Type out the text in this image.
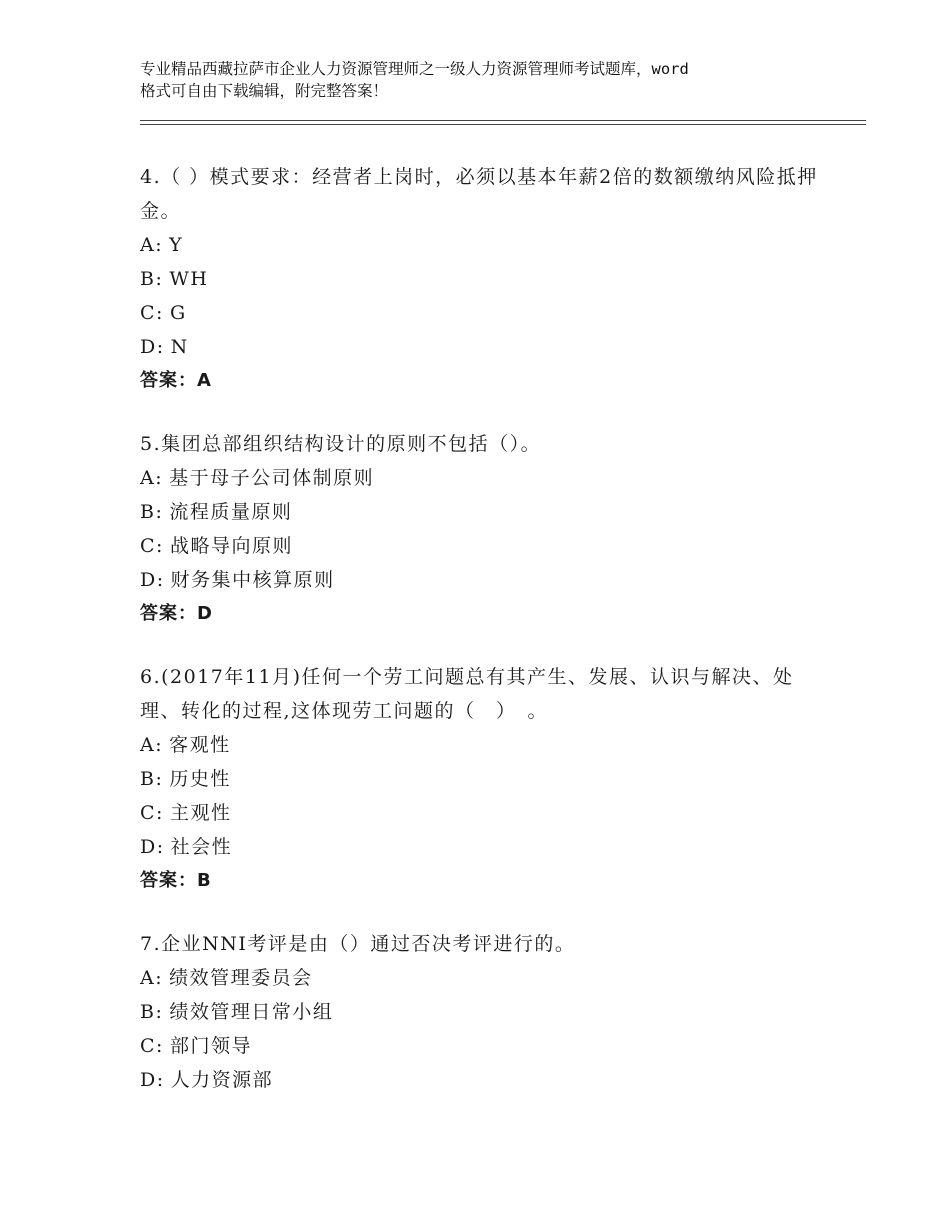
专业精品西藏拉萨市企业人力资源管理师之一级人力资源管理师考试题库，word
格式可自由下载编辑，附完整答案！
4.（ ）模式要求：经营者上岗时，必须以基本年薪2倍的数额缴纳风险抵押金。
A: Y
B: WH
C: G
D: N
答案：A
5.集团总部组织结构设计的原则不包括（）。
A: 基于母子公司体制原则
B: 流程质量原则
C: 战略导向原则
D: 财务集中核算原则
答案：D
6.(2017年11月)任何一个劳工问题总有其产生、发展、认识与解决、处理、转化的过程,这体现劳工问题的（　）　。
A: 客观性
B: 历史性
C: 主观性
D: 社会性
答案：B
7.企业NNI考评是由（）通过否决考评进行的。
A: 绩效管理委员会
B: 绩效管理日常小组
C: 部门领导
D: 人力资源部
